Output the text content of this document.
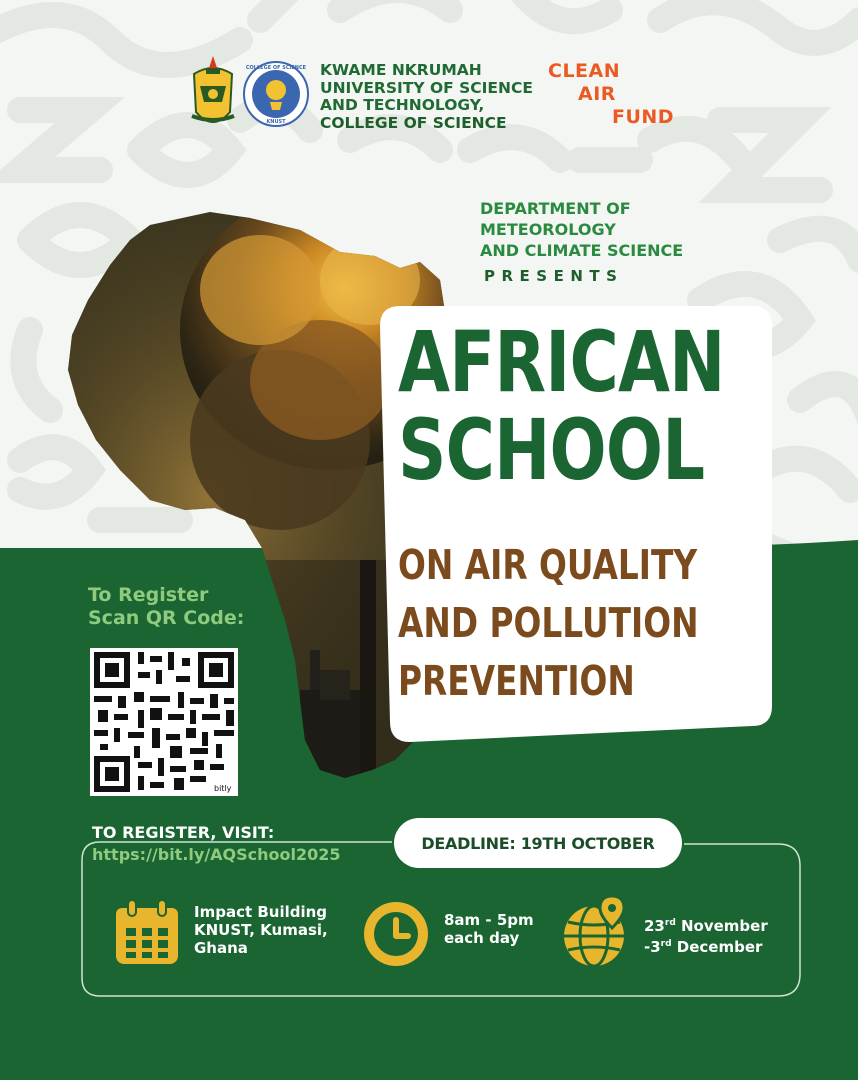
COLLEGE OF SCIENCE
KNUST
KWAME NKRUMAH
UNIVERSITY OF SCIENCE
AND TECHNOLOGY,
COLLEGE OF SCIENCE
CLEAN
AIR
FUND
DEPARTMENT OF
METEOROLOGY
AND CLIMATE SCIENCE
PRESENTS
AFRICAN
SCHOOL
ON AIR QUALITY
AND POLLUTION
PREVENTION
To Register
Scan QR Code:
bitly
TO REGISTER, VISIT:
https://bit.ly/AQSchool2025
DEADLINE: 19TH OCTOBER
Impact Building
KNUST, Kumasi,
Ghana
8am - 5pm
each day
23rd November
-3rd December
